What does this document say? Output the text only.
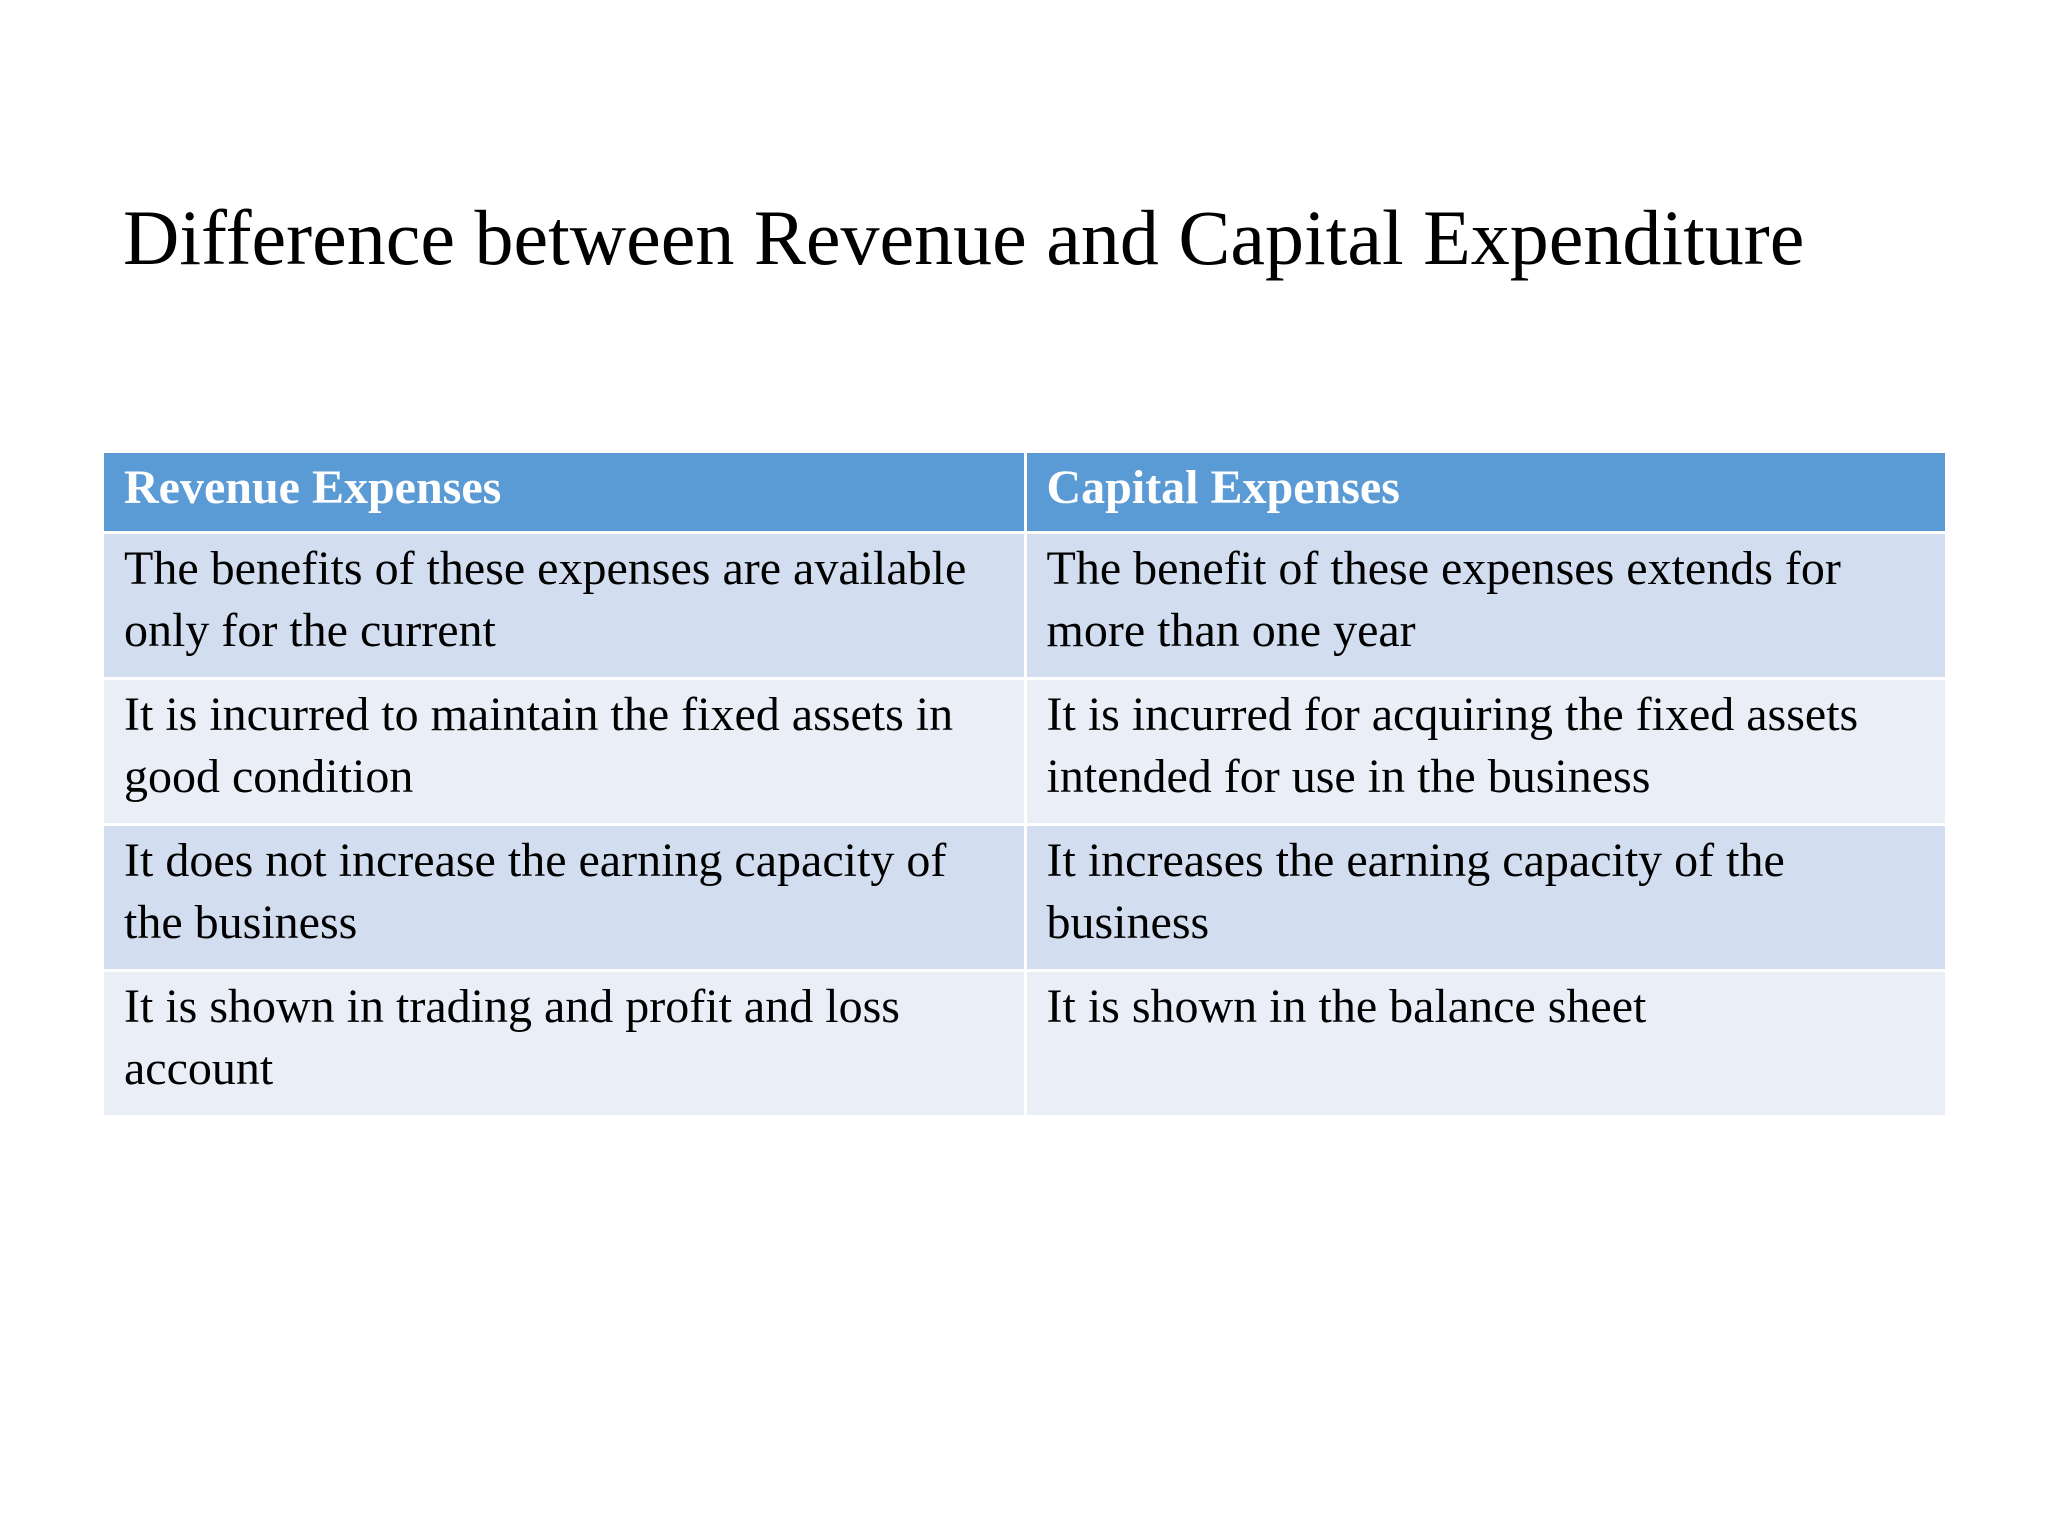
Difference between Revenue and Capital Expenditure
Revenue Expenses	Capital Expenses
The benefits of these expenses are available only for the current	The benefit of these expenses extends for more than one year
It is incurred to maintain the fixed assets in good condition	It is incurred for acquiring the fixed assets intended for use in the business
It does not increase the earning capacity of the business	It increases the earning capacity of the business
It is shown in trading and profit and loss account	It is shown in the balance sheet
